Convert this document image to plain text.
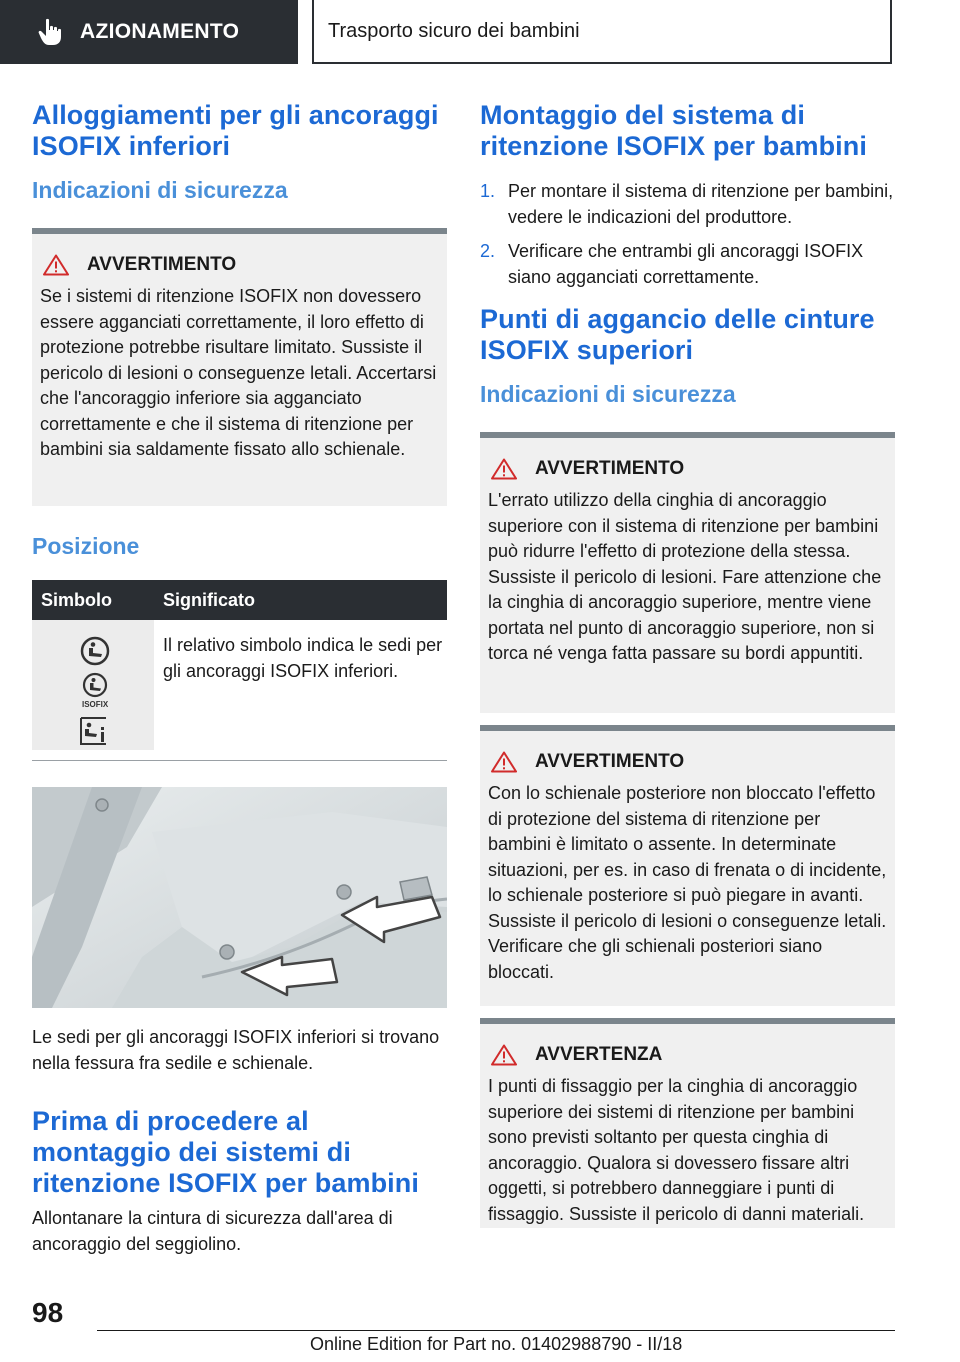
AZIONAMENTO	Trasporto sicuro dei bambini
Alloggiamenti per gli ancoraggi ISOFIX inferiori
Indicazioni di sicurezza
AVVERTIMENTO

Se i sistemi di ritenzione ISOFIX non dovessero essere agganciati correttamente, il loro effetto di protezione potrebbe risultare limitato. Sussiste il pericolo di lesioni o conseguenze letali. Accertarsi che l'ancoraggio inferiore sia agganciato correttamente e che il sistema di ritenzione per bambini sia saldamente fissato allo schienale.

Posizione
Simbolo	Significato

ISOFIX	Il relativo simbolo indica le sedi per gli ancoraggi ISOFIX inferiori.

Le sedi per gli ancoraggi ISOFIX inferiori si trovano nella fessura fra sedile e schienale.

Prima di procedere al montaggio dei sistemi di ritenzione ISOFIX per bambini

Allontanare la cintura di sicurezza dall'area di ancoraggio del seggiolino.

Montaggio del sistema di ritenzione ISOFIX per bambini
1. Per montare il sistema di ritenzione per bambini, vedere le indicazioni del produttore.
2. Verificare che entrambi gli ancoraggi ISOFIX siano agganciati correttamente.
Punti di aggancio delle cinture ISOFIX superiori
Indicazioni di sicurezza
AVVERTIMENTO

L'errato utilizzo della cinghia di ancoraggio superiore con il sistema di ritenzione per bambini può ridurre l'effetto di protezione della stessa. Sussiste il pericolo di lesioni. Fare attenzione che la cinghia di ancoraggio superiore, mentre viene portata nel punto di ancoraggio superiore, non si torca né venga fatta passare su bordi appuntiti.

AVVERTIMENTO

Con lo schienale posteriore non bloccato l'effetto di protezione del sistema di ritenzione per bambini è limitato o assente. In determinate situazioni, per es. in caso di frenata o di incidente, lo schienale posteriore si può piegare in avanti. Sussiste il pericolo di lesioni o conseguenze letali. Verificare che gli schienali posteriori siano bloccati.

AVVERTENZA

I punti di fissaggio per la cinghia di ancoraggio superiore dei sistemi di ritenzione per bambini sono previsti soltanto per questa cinghia di ancoraggio. Qualora si dovessero fissare altri oggetti, si potrebbero danneggiare i punti di fissaggio. Sussiste il pericolo di danni materiali.

98
Online Edition for Part no. 01402988790 - II/18
